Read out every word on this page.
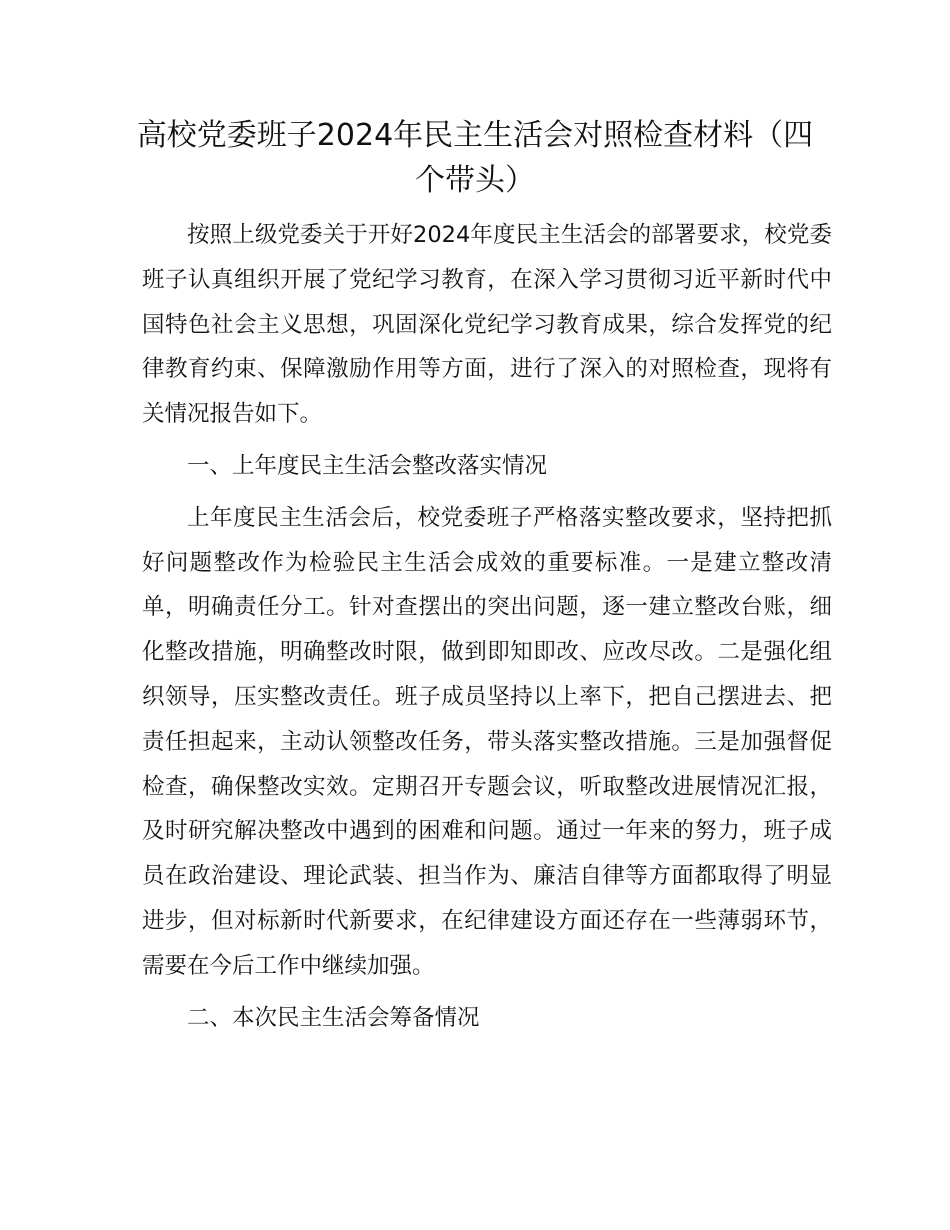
高校党委班子2024年民主生活会对照检查材料（四个带头）

按照上级党委关于开好2024年度民主生活会的部署要求，校党委班子认真组织开展了党纪学习教育，在深入学习贯彻习近平新时代中国特色社会主义思想，巩固深化党纪学习教育成果，综合发挥党的纪律教育约束、保障激励作用等方面，进行了深入的对照检查，现将有关情况报告如下。

一、上年度民主生活会整改落实情况

上年度民主生活会后，校党委班子严格落实整改要求，坚持把抓好问题整改作为检验民主生活会成效的重要标准。一是建立整改清单，明确责任分工。针对查摆出的突出问题，逐一建立整改台账，细化整改措施，明确整改时限，做到即知即改、应改尽改。二是强化组织领导，压实整改责任。班子成员坚持以上率下，把自己摆进去、把责任担起来，主动认领整改任务，带头落实整改措施。三是加强督促检查，确保整改实效。定期召开专题会议，听取整改进展情况汇报，及时研究解决整改中遇到的困难和问题。通过一年来的努力，班子成员在政治建设、理论武装、担当作为、廉洁自律等方面都取得了明显进步，但对标新时代新要求，在纪律建设方面还存在一些薄弱环节，需要在今后工作中继续加强。

二、本次民主生活会筹备情况
